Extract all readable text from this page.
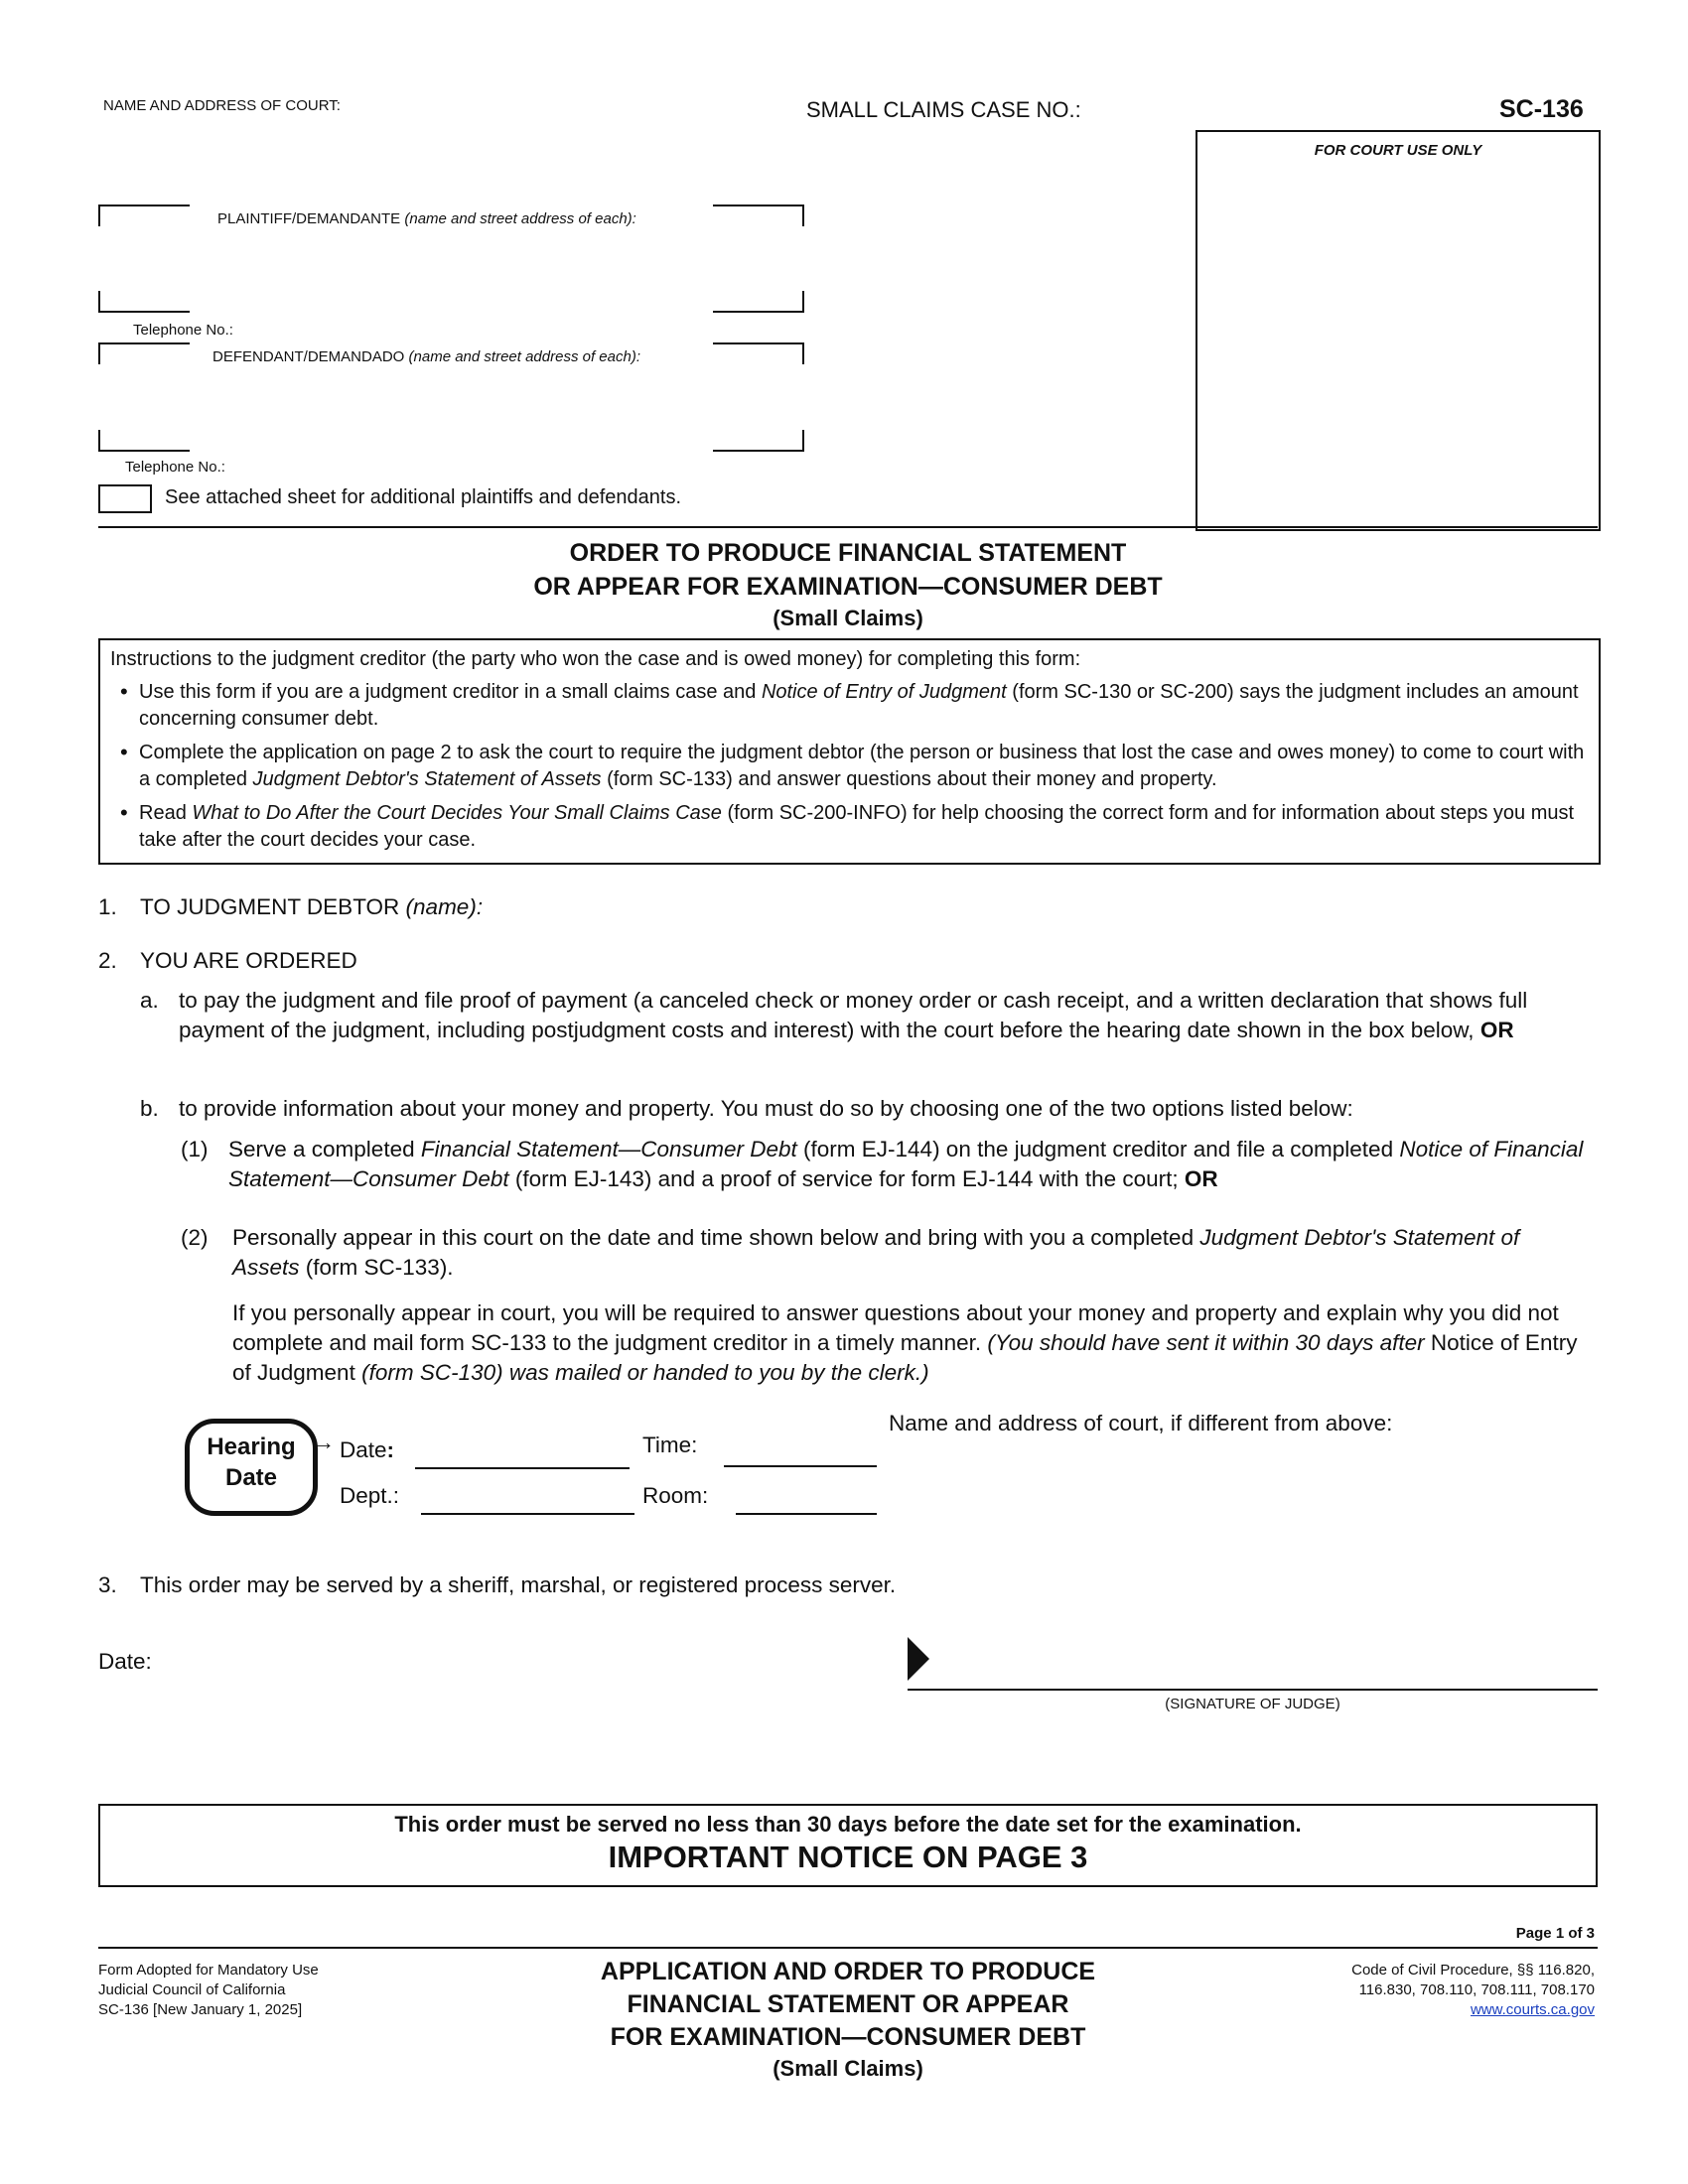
NAME AND ADDRESS OF COURT:	SMALL CLAIMS CASE NO.:	SC-136
FOR COURT USE ONLY
PLAINTIFF/DEMANDANTE (name and street address of each):
Telephone No.:
DEFENDANT/DEMANDADO (name and street address of each):
Telephone No.:
See attached sheet for additional plaintiffs and defendants.
ORDER TO PRODUCE FINANCIAL STATEMENT
OR APPEAR FOR EXAMINATION—CONSUMER DEBT
(Small Claims)
Instructions to the judgment creditor (the party who won the case and is owed money) for completing this form:
• Use this form if you are a judgment creditor in a small claims case and Notice of Entry of Judgment (form SC-130 or SC-200) says the judgment includes an amount concerning consumer debt.
• Complete the application on page 2 to ask the court to require the judgment debtor (the person or business that lost the case and owes money) to come to court with a completed Judgment Debtor's Statement of Assets (form SC-133) and answer questions about their money and property.
• Read What to Do After the Court Decides Your Small Claims Case (form SC-200-INFO) for help choosing the correct form and for information about steps you must take after the court decides your case.
1. TO JUDGMENT DEBTOR (name):
2. YOU ARE ORDERED
a. to pay the judgment and file proof of payment (a canceled check or money order or cash receipt, and a written declaration that shows full payment of the judgment, including postjudgment costs and interest) with the court before the hearing date shown in the box below, OR
b. to provide information about your money and property. You must do so by choosing one of the two options listed below:
(1) Serve a completed Financial Statement—Consumer Debt (form EJ-144) on the judgment creditor and file a completed Notice of Financial Statement—Consumer Debt (form EJ-143) and a proof of service for form EJ-144 with the court; OR
(2) Personally appear in this court on the date and time shown below and bring with you a completed Judgment Debtor's Statement of Assets (form SC-133).
If you personally appear in court, you will be required to answer questions about your money and property and explain why you did not complete and mail form SC-133 to the judgment creditor in a timely manner. (You should have sent it within 30 days after Notice of Entry of Judgment (form SC-130) was mailed or handed to you by the clerk.)
Hearing
Date
→ Date:	Time:
Dept.:	Room:
Name and address of court, if different from above:
3. This order may be served by a sheriff, marshal, or registered process server.
Date:
(SIGNATURE OF JUDGE)
This order must be served no less than 30 days before the date set for the examination.
IMPORTANT NOTICE ON PAGE 3
Page 1 of 3
Form Adopted for Mandatory Use
Judicial Council of California
SC-136 [New January 1, 2025]
APPLICATION AND ORDER TO PRODUCE
FINANCIAL STATEMENT OR APPEAR
FOR EXAMINATION—CONSUMER DEBT
(Small Claims)
Code of Civil Procedure, §§ 116.820,
116.830, 708.110, 708.111, 708.170
www.courts.ca.gov
